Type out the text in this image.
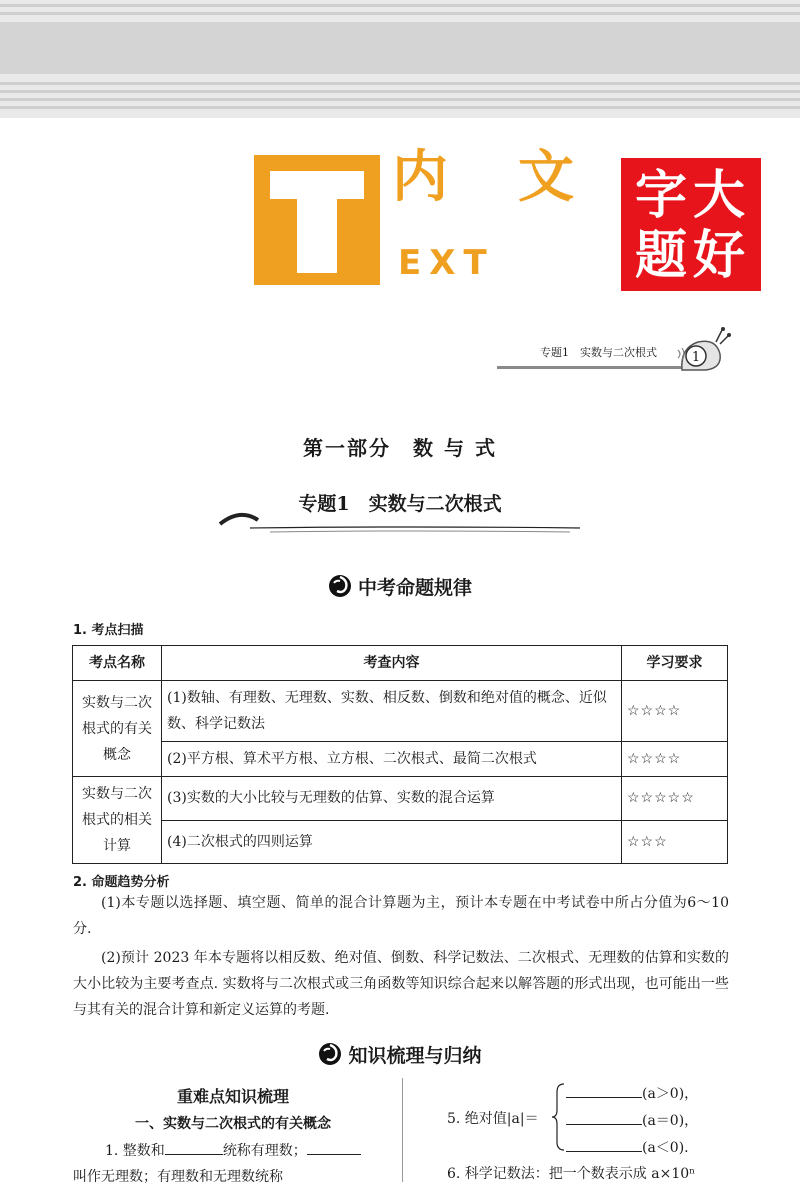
内 文
EXT
字 大
题 好
专题1　实数与二次根式	1
第一部分　数 与 式
专题1　实数与二次根式
中考命题规律
1. 考点扫描
考点名称	考查内容	学习要求
实数与二次根式的有关概念	(1)数轴、有理数、无理数、实数、相反数、倒数和绝对值的概念、近似数、科学记数法	☆☆☆☆
	(2)平方根、算术平方根、立方根、二次根式、最简二次根式	☆☆☆☆
实数与二次根式的相关计算	(3)实数的大小比较与无理数的估算、实数的混合运算	☆☆☆☆☆
	(4)二次根式的四则运算	☆☆☆
2. 命题趋势分析
(1)本专题以选择题、填空题、简单的混合计算题为主，预计本专题在中考试卷中所占分值为6～10 分.
(2)预计 2023 年本专题将以相反数、绝对值、倒数、科学记数法、二次根式、无理数的估算和实数的大小比较为主要考查点. 实数将与二次根式或三角函数等知识综合起来以解答题的形式出现，也可能出一些与其有关的混合计算和新定义运算的考题.
知识梳理与归纳
重难点知识梳理
一、实数与二次根式的有关概念
1. 整数和	统称有理数；
叫作无理数；有理数和无理数统称
5. 绝对值|a|＝
(a＞0)，
(a＝0)，
(a＜0).
6. 科学记数法：把一个数表示成 a×10ⁿ
